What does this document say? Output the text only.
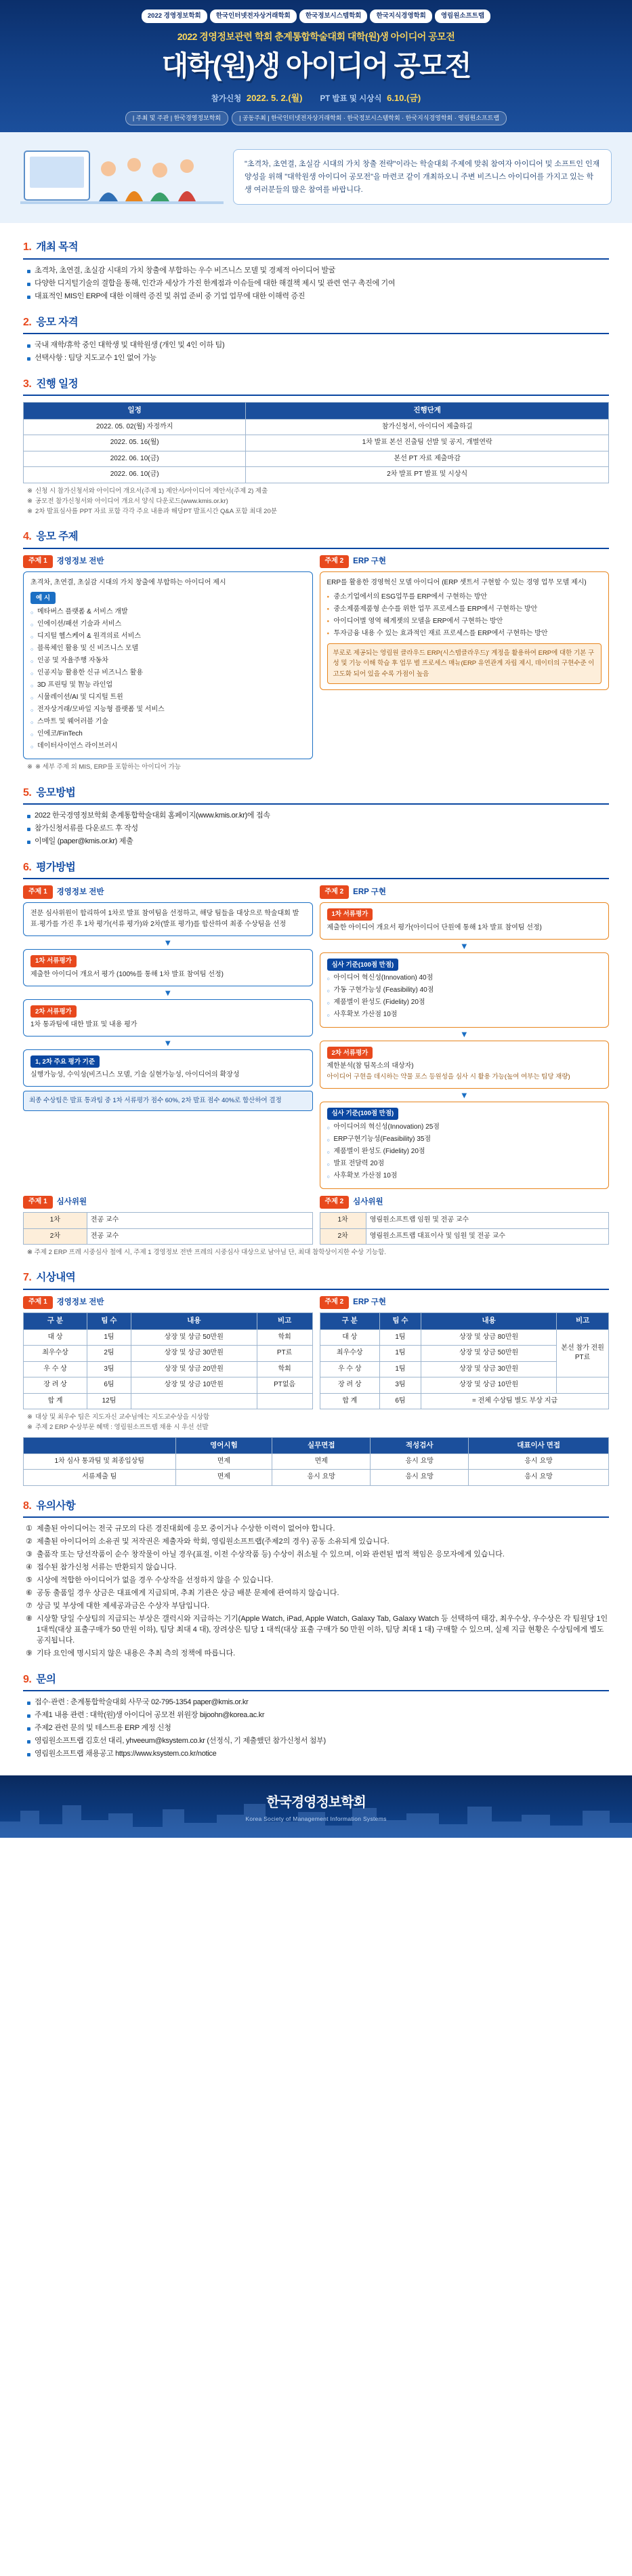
2022 경영정보학회	한국인터넷전자상거래학회	한국정보시스템학회	한국지식경영학회	영림원소프트랩
2022 경영정보관련 학회 춘계통합학술대회 대학(원)생 아이디어 공모전
대학(원)생 아이디어 공모전
참가신청 2022. 5. 2.(월) PT 발표 및 시상식 6.10.(금)
| 주최 및 주관 | 한국경영정보학회	| 공동주최 | 한국인터넷전자상거래학회 · 한국정보시스템학회 · 한국지식경영학회 · 영림원소프트랩
"초격차, 초연결, 초실감 시대의 가치 창출 전략"이라는 학술대회 주제에 맞춰 참여자 아이디어 및 소프트인 인재양성을 위해 "대학원생 아이디어 공모전"을 마련코 같이 개최하오니 주변 비즈니스 아이디어를 가지고 있는 학생 여러분들의 많은 참여를 바랍니다.
1. 개최 목적
초격차, 초연결, 초실감 시대의 가치 창출에 부합하는 우수 비즈니스 모델 및 경제적 아이디어 발굴
다양한 디지털기술의 결합을 통해, 인간과 세상가 가진 한계점과 이슈들에 대한 해결책 제시 및 관련 연구 촉진에 기여
대표적인 MIS인 ERP에 대한 이해력 증진 및 취업 준비 중 기업 업무에 대한 이해력 증진
2. 응모 자격
국내 재학/휴학 중인 대학생 및 대학원생 (개인 및 4인 이하 팀)
선택사항 : 팀당 지도교수 1인 없어 가능
3. 진행 일정
일정	진행단계
2022. 05. 02(월) 자정까지	참가신청서, 아이디어 제출하길
2022. 05. 16(월)	1차 발표 본선 진출팀 선발 및 공지, 개별연락
2022. 06. 10(금)	본선 PT 자료 제출마감
2022. 06. 10(금)	2차 발표 PT 발표 및 시상식
※ 신청 시 참가신청서와 아이디어 개요서(주제 1) 제안서/아이디어 제안서(주제 2) 제출
※ 공모전 참가신청서와 아이디어 개요서 양식 다운로드(www.kmis.or.kr)
※ 2차 발표심사를 PPT 자료 포함 각각 주요 내용과 해당PT 발표시간 Q&A 포함 최대 20분
4. 응모 주제
주제 1	경영정보 전반
초격차, 초연결, 초실감 시대의 가치 창출에 부합하는 아이디어 제시
예 시
○ 메타버스 플랫폼 & 서비스 개발
○ 인에이션/패션 기술과 서비스
○ 디지털 헬스케어 & 원격의료 서비스
○ 블록체인 활용 및 신 비즈니스 모델
○ 인공 및 자율주행 자동차
○ 인공지능 활용한 신규 비즈니스 활용
○ 3D 프린팅 및 智능 라인업
○ 시뮬레이션/AI 및 디지털 트윈
○ 전자상거래/모바일 지능형 플랫폼 및 서비스
○ 스마트 및 웨어러블 기술
○ 인에코/FinTech
○ 데이터사이언스 라이브러시
※ ※ 세부 주제 외 MIS, ERP를 포함하는 아이디어 가능
주제 2	ERP 구현
ERP를 활용한 경영혁신 모델 아이디어 (ERP 셋트서 구현할 수 있는 경영 업무 모델 제시)
● 중소기업에서의 ESG업무를 ERP에서 구현하는 방안
● 중소제품제품형 손수를 위한 업무 프로세스를 ERP에서 구현하는 방안
● 아이디어별 영역 헤게젯의 모델을 ERP에서 구현하는 방안
● 투자금융 내용 수 있는 효과적인 재료 프로세스를 ERP에서 구현하는 방안
부로로 제공되는 영림원 클라우드 ERP(시스템클라우드)' 계정을 활용하여 ERP에 대한 기본 구성 및 기능 이해 학습 후 업무 별 프로세스 매뉴(ERP 유연관계 자립 제시, 데이터의 구현수준 이 고도화 되어 있을 수록 가점이 높음
5. 응모방법
2022 한국경영정보학회 춘계통합학술대회 홈페이지(www.kmis.or.kr)에 접속
참가신청서류를 다운로드 후 작성
이메일 (paper@kmis.or.kr) 제출
6. 평가방법
주제 1	경영정보 전반
전문 심사위원이 합리하여 1차로 발표 참여팀을 선정하고, 해당 팀들을 대상으로 학술대회 발표·평가를 가진 후 1차 평가(서류 평가)와 2차(발표 평가)를 합산하여 최종 수상팀을 선정
▼
1차 서류평가
제출한 아이디어 개요서 평가 (100%를 통해 1차 발표 참여팀 선정)
▼
2차 서류평가
1차 통과팀에 대한 발표 및 내용 평가
▼
1, 2차 주요 평가 기준
실행가능성, 수익성(비즈니스 모델, 기술 실현가능성, 아이디어의 확장성
최종 수상팀은 발표 통과팀 중 1차 서류평가 점수 60%, 2차 발표 점수 40%로 합산하여 결정
주제 2	ERP 구현
1차 서류평가
제출한 아이디어 개요서 평가(아이디어 단원에 통해 1차 발표 참여팀 선정)
▼
심사 기준(100점 만점)
○ 아이디어 혁신성(Innovation) 40점
○ 가동 구현가능성 (Feasibility) 40점
○ 제품별이 완성도 (Fidelity) 20점
○ 사후확보 가산점 10점
▼
2차 서류평가
제한분석(참 팀목소의 대상자)
아이디어 구현을 데시하는 약물 포스 등원성을 심사 시 활용 가능(높여 여부는 팀당 재량)
▼
심사 기준(100점 만점)
○ 아이디어의 혁신성(Innovation) 25점
○ ERP구현기능성(Feasibility) 35점
○ 제품별이 완성도 (Fidelity) 20점
○ 발표 전달력 20점
○ 사후확보 가산점 10점
주제 1	심사위원
1차	전공 교수
2차	전공 교수
주제 2	심사위원
1차	영림원소프트랩 임원 및 전공 교수
2차	영림원소프트랩 대표이사 및 임원 및 전공 교수
※ ※ 주제 2 ERP 프레 시중심사 철에 시, 주제 1 경영정보 전반 프레의 시중심사 대상으로 남아님 단, 최대 참학상이지한 수상 기능함.
7. 시상내역
주제 1	경영정보 전반
구 분	팀 수	내용	비고
대 상	1팀	상장 및 상금 50만원	학회
최우수상	2팀	상장 및 상금 30만원	PT료
우 수 상	3팀	상장 및 상금 20만원	학회
장 려 상	6팀	상장 및 상금 10만원	PT없음
합 계	12팀		
주제 2	ERP 구현
구 분	팀 수	내용	비고
대 상	1팀	상장 및 상금 80만원	본선 참가 전원 PT료
최우수상	1팀	상장 및 상금 50만원	
우 수 상	1팀	상장 및 상금 30만원	
장 려 상	3팀	상장 및 상금 10만원	
합 계	6팀	= 전체 수상팀 별도 부상 지급	
※ 대상 및 최우수 팀은 지도자신 교수님에는 지도교수상을 시상함
※ 주제 2 ERP 수상부문 혜택 : 영림원소프트랩 채용 시 우선 선발
	영어시험	실무면접	적성검사	대표이사 면접
1차 심사 통과팀 및 최종입상팀	면제	면제	응시 요망	응시 요망
서류제출 팀	면제	응시 요망	응시 요망	응시 요망
8. 유의사항
① 제출된 아이디어는 전국 규모의 다른 경진대회에 응모 중이거나 수상한 이력이 없어야 합니다.
② 제출된 아이디어의 소유권 및 저작권은 제출자와 학회, 영림원소프트랩(주제2의 경우) 공동 소유되게 있습니다.
③ 출품작 또는 당선작품이 순수 창작물이 아닐 경우(표절, 이전 수상작품 등) 수상이 취소될 수 있으며, 이와 관련된 법적 책임은 응모자에게 있습니다.
④ 접수된 참가신청 서류는 반환되지 않습니다.
⑤ 시상에 적합한 아이디어가 없을 경우 수상작을 선정하지 않을 수 있습니다.
⑥ 공동 출품일 경우 상금은 대표에게 지급되며, 추최 기관은 상금 배분 문제에 관여하지 않습니다.
⑦ 상금 및 부상에 대한 제세공과금은 수상자 부담입니다.
⑧ 시상할 당일 수상팀의 지급되는 부상은 갤럭시와 지급하는 기기(Apple Watch, iPad, Apple Watch, Galaxy Tab, Galaxy Watch 등 선택하여 태강, 최우수상, 우수상은 각 팀원당 1인 1대씩(대상 표출구매가 50 만원 이하), 팀당 최대 4 대), 장려상은 팀당 1 대씩(대상 표출 구매가 50 만원 이하, 팀당 최대 1 대) 구매할 수 있으며, 실제 지급 현황은 수상팀에게 별도 공지됩니다.
⑨ 기타 요인에 명시되지 않은 내용은 추최 측의 정책에 따릅니다.
9. 문의
접수·관련 : 춘계통합학술대회 사무국 02-795-1354 paper@kmis.or.kr
주제1 내용 관련 : 대학(원)생 아이디어 공모전 위원장 bijoohn@korea.ac.kr
주제2 관련 문의 및 테스트용 ERP 계정 신청
영림원소프트랩 김호선 대리, yhveeum@ksystem.co.kr (선정식, 기 제출했던 참가신청서 첨부)
영림원소프트랩 채용공고 https://www.ksystem.co.kr/notice
한국경영정보학회
Korea Society of Management Information Systems
